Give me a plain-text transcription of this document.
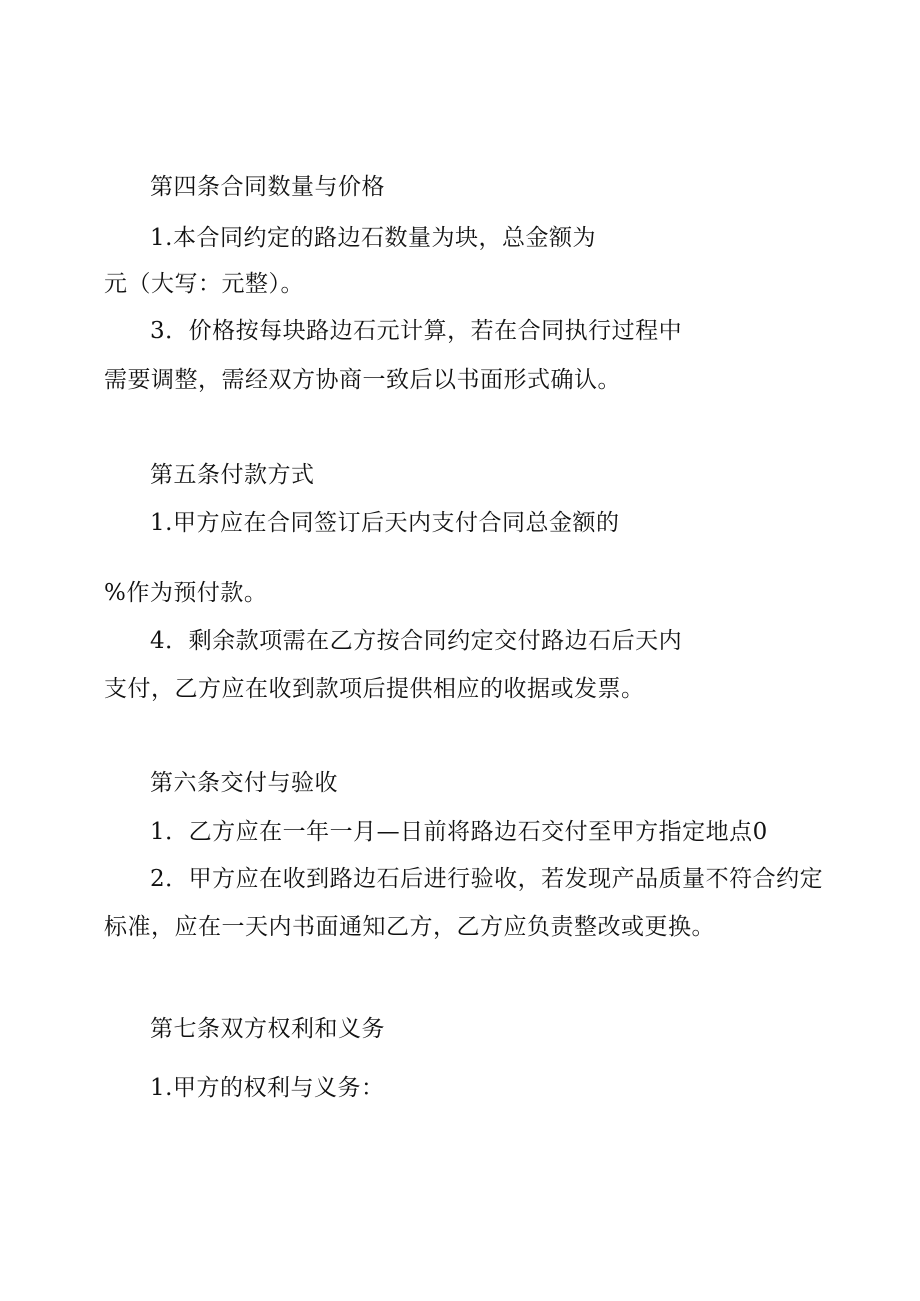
第四条合同数量与价格
1.本合同约定的路边石数量为块，总金额为
元（大写：元整）。
3．价格按每块路边石元计算，若在合同执行过程中
需要调整，需经双方协商一致后以书面形式确认。
第五条付款方式
1.甲方应在合同签订后天内支付合同总金额的
%作为预付款。
4．剩余款项需在乙方按合同约定交付路边石后天内
支付，乙方应在收到款项后提供相应的收据或发票。
第六条交付与验收
1．乙方应在一年一月—日前将路边石交付至甲方指定地点0
2．甲方应在收到路边石后进行验收，若发现产品质量不符合约定
标准，应在一天内书面通知乙方，乙方应负责整改或更换。
第七条双方权利和义务
1.甲方的权利与义务：
